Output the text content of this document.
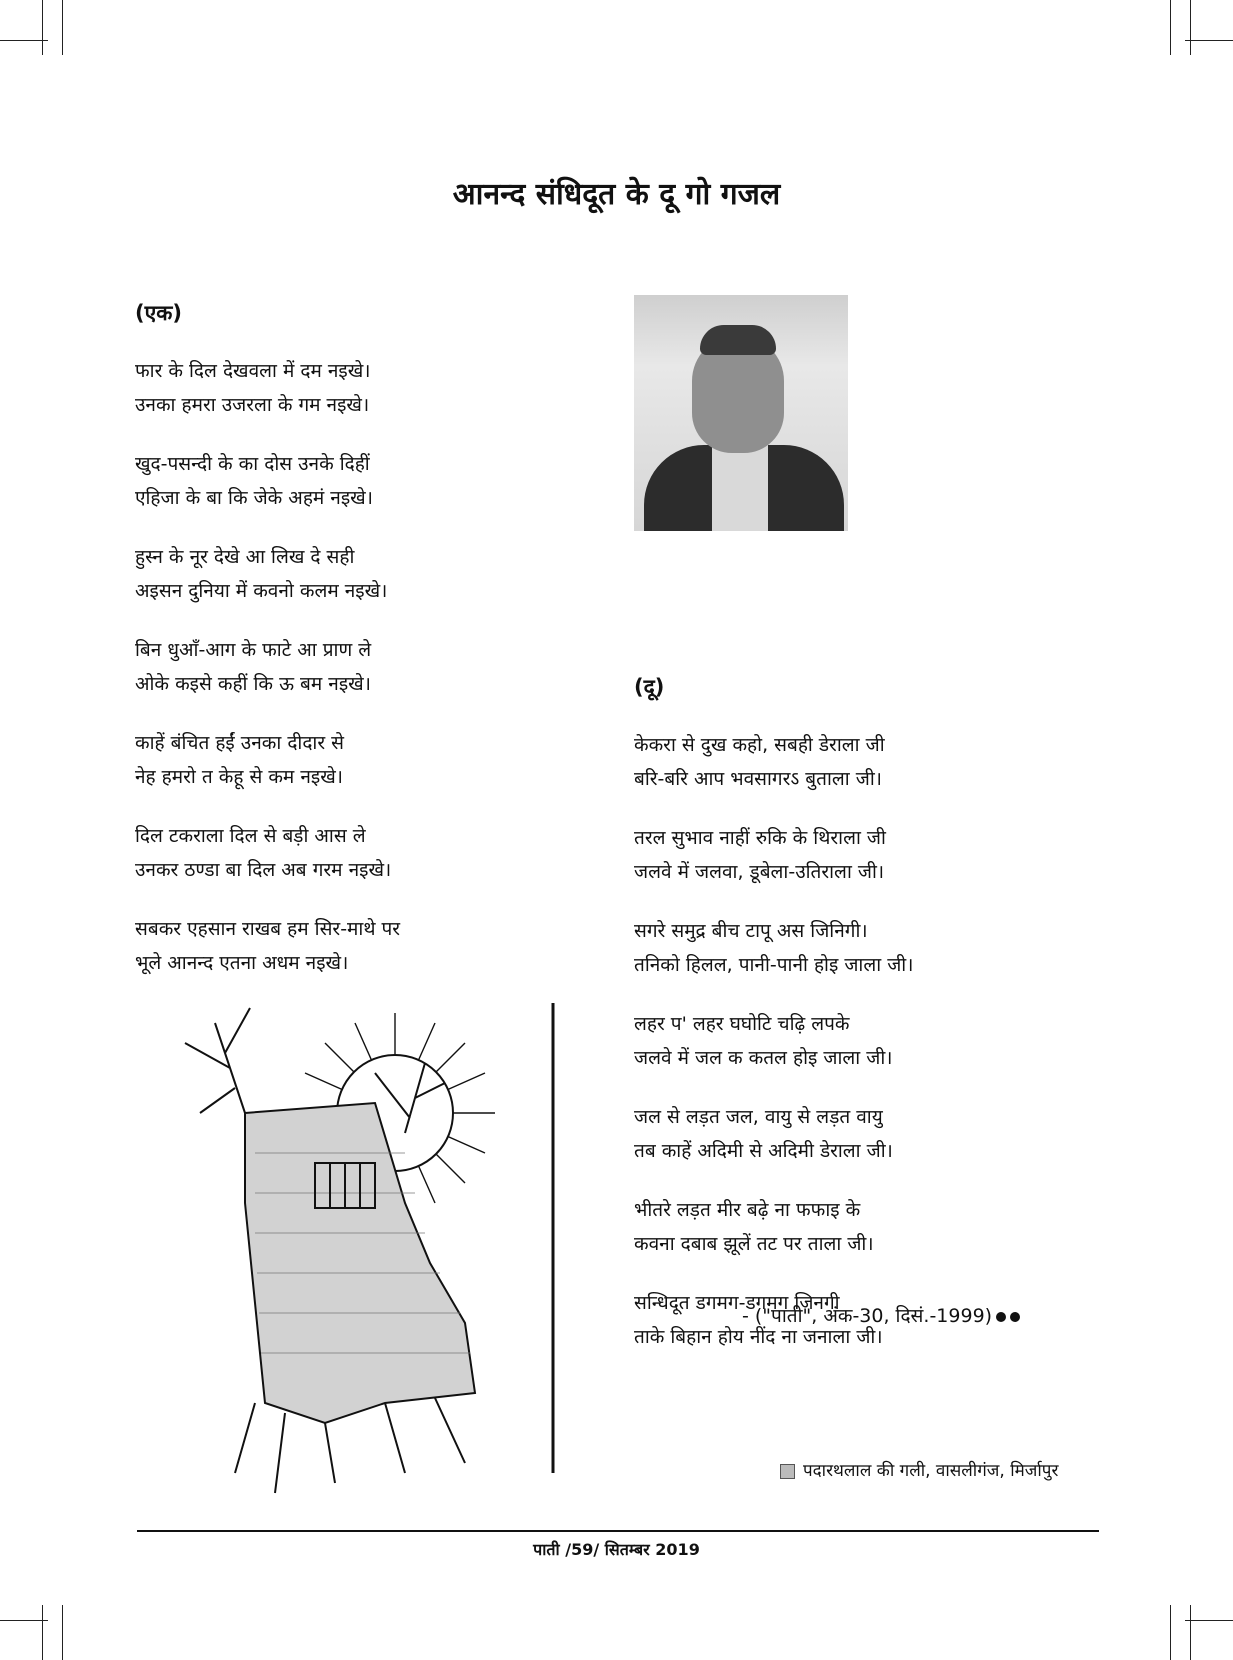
आनन्द संधिदूत के दू गो गजल
(एक)
फार के दिल देखवला में दम नइखे।
उनका हमरा उजरला के गम नइखे।
खुद-पसन्दी के का दोस उनके दिहीं
एहिजा के बा कि जेके अहमं नइखे।
हुस्न के नूर देखे आ लिख दे सही
अइसन दुनिया में कवनो कलम नइखे।
बिन धुआँ-आग के फाटे आ प्राण ले
ओके कइसे कहीं कि ऊ बम नइखे।
काहें बंचित हईं उनका दीदार से
नेह हमरो त केहू से कम नइखे।
दिल टकराला दिल से बड़ी आस ले
उनकर ठण्डा बा दिल अब गरम नइखे।
सबकर एहसान राखब हम सिर-माथे पर
भूले आनन्द एतना अधम नइखे।
(दू)
केकरा से दुख कहो, सबही डेराला जी
बरि-बरि आप भवसागरऽ बुताला जी।
तरल सुभाव नाहीं रुकि के थिराला जी
जलवे में जलवा, डूबेला-उतिराला जी।
सगरे समुद्र बीच टापू अस जिनिगी।
तनिको हिलल, पानी-पानी होइ जाला जी।
लहर प' लहर घघोटि चढ़ि लपके
जलवे में जल क कतल होइ जाला जी।
जल से लड़त जल, वायु से लड़त वायु
तब काहें अदिमी से अदिमी डेराला जी।
भीतरे लड़त मीर बढ़े ना फफाइ के
कवना दबाब झूलें तट पर ताला जी।
सन्धिदूत डगमग-डगमग जिनगी
ताके बिहान होय नींद ना जनाला जी।
- ("पाती", अंक-30, दिसं.-1999)
पदारथलाल की गली, वासलीगंज, मिर्जापुर
पाती /59/ सितम्बर 2019
